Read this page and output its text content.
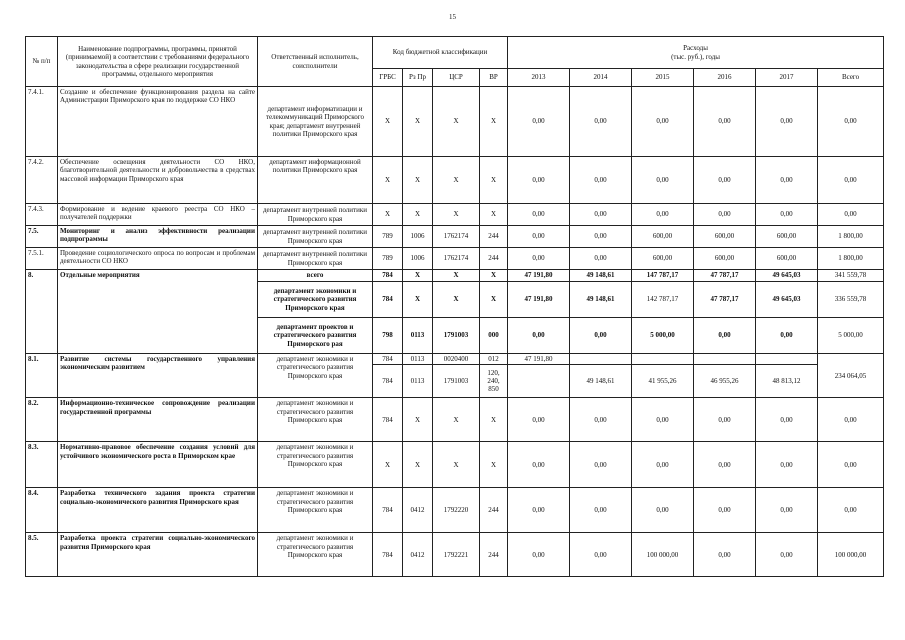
15
№ п/п	Наименование подпрограммы, программы, принятой (принимаемой) в соответствии с требованиями федерального законодательства в сфере реализации государственной программы, отдельного мероприятия	Ответственный исполнитель, соисполнители	Код бюджетной классификации				Расходы
(тыс. руб.), годы					
			ГРБС	Рз Пр	ЦСР	ВР	2013	2014	2015	2016	2017	Всего
7.4.1.	Создание и обеспечение функционирования раздела на сайте Администрации Приморского края по поддержке СО НКО	департамент информатизации и телекоммуникаций Приморского края; департамент внутренней политики Приморского края	X	X	X	X	0,00	0,00	0,00	0,00	0,00	0,00
7.4.2.	Обеспечение освещения деятельности СО НКО, благотворительной деятельности и добровольчества в средствах массовой информации Приморского края	департамент информационной политики Приморского края	X	X	X	X	0,00	0,00	0,00	0,00	0,00	0,00
7.4.3.	Формирование и ведение краевого реестра СО НКО – получателей поддержки	департамент внутренней политики Приморского края	X	X	X	X	0,00	0,00	0,00	0,00	0,00	0,00
7.5.	Мониторинг и анализ эффективности реализации подпрограммы	департамент внутренней политики Приморского края	789	1006	1762174	244	0,00	0,00	600,00	600,00	600,00	1 800,00
7.5.1.	Проведение социологического опроса по вопросам и проблемам деятельности СО НКО	департамент внутренней политики Приморского края	789	1006	1762174	244	0,00	0,00	600,00	600,00	600,00	1 800,00
8.	Отдельные мероприятия	всего	784	X	X	X	47 191,80	49 148,61	147 787,17	47 787,17	49 645,03	341 559,78
		департамент экономики и стратегического развития Приморского края	784	X	X	X	47 191,80	49 148,61	142 787,17	47 787,17	49 645,03	336 559,78
		департамент проектов и стратегического развития Приморского рая	798	0113	1791003	000	0,00	0,00	5 000,00	0,00	0,00	5 000,00
8.1.	Развитие системы государственного управления экономическим развитием	департамент экономики и стратегического развития Приморского края	784	0113	0020400	012	47 191,80					234 064,05
			784	0113	1791003	120, 240, 850		49 148,61	41 955,26	46 955,26	48 813,12	
8.2.	Информационно-техническое сопровождение реализации государственной программы	департамент экономики и стратегического развития Приморского края	784	X	X	X	0,00	0,00	0,00	0,00	0,00	0,00
8.3.	Нормативно-правовое обеспечение создания условий для устойчивого экономического роста в Приморском крае	департамент экономики и стратегического развития Приморского края	X	X	X	X	0,00	0,00	0,00	0,00	0,00	0,00
8.4.	Разработка технического задания проекта стратегии социально-экономического развития Приморского края	департамент экономики и стратегического развития Приморского края	784	0412	1792220	244	0,00	0,00	0,00	0,00	0,00	0,00
8.5.	Разработка проекта стратегии социально-экономического развития Приморского края	департамент экономики и стратегического развития Приморского края	784	0412	1792221	244	0,00	0,00	100 000,00	0,00	0,00	100 000,00
